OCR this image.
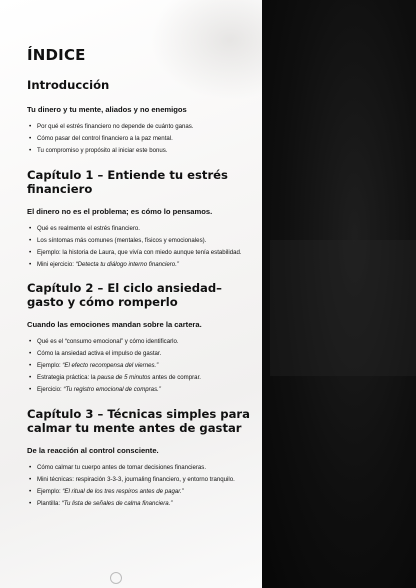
ÍNDICE
Introducción

Tu dinero y tu mente, aliados y no enemigos

• Por qué el estrés financiero no depende de cuánto ganas.
• Cómo pasar del control financiero a la paz mental.
• Tu compromiso y propósito al iniciar este bonus.
Capítulo 1 – Entiende tu estrés financiero

El dinero no es el problema; es cómo lo pensamos.

• Qué es realmente el estrés financiero.
• Los síntomas más comunes (mentales, físicos y emocionales).
• Ejemplo: la historia de Laura, que vivía con miedo aunque tenía estabilidad.
• Mini ejercicio: “Detecta tu diálogo interno financiero.”
Capítulo 2 – El ciclo ansiedad–gasto y cómo romperlo

Cuando las emociones mandan sobre la cartera.

• Qué es el “consumo emocional” y cómo identificarlo.
• Cómo la ansiedad activa el impulso de gastar.
• Ejemplo: “El efecto recompensa del viernes.”
• Estrategia práctica: la pausa de 5 minutos antes de comprar.
• Ejercicio: “Tu registro emocional de compras.”
Capítulo 3 – Técnicas simples para calmar tu mente antes de gastar

De la reacción al control consciente.

• Cómo calmar tu cuerpo antes de tomar decisiones financieras.
• Mini técnicas: respiración 3-3-3, journaling financiero, y entorno tranquilo.
• Ejemplo: “El ritual de los tres respiros antes de pagar.”
• Plantilla: “Tu lista de señales de calma financiera.”
